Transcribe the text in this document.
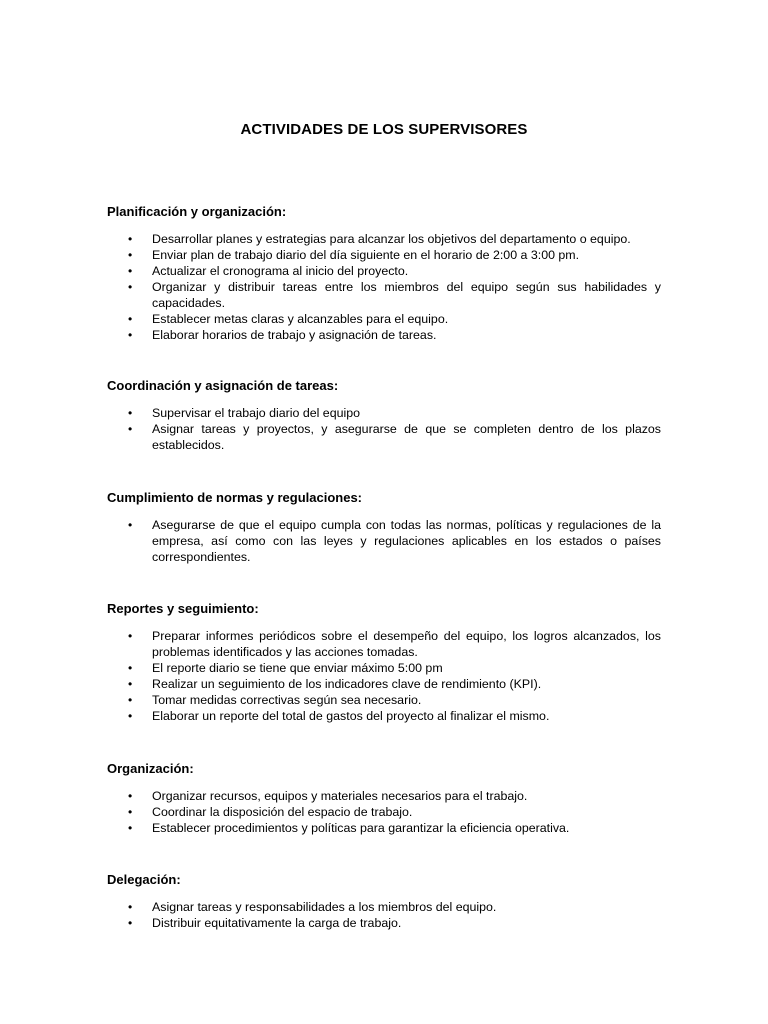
ACTIVIDADES DE LOS SUPERVISORES
Planificación y organización:
• Desarrollar planes y estrategias para alcanzar los objetivos del departamento o equipo.
• Enviar plan de trabajo diario del día siguiente en el horario de 2:00 a 3:00 pm.
• Actualizar el cronograma al inicio del proyecto.
• Organizar y distribuir tareas entre los miembros del equipo según sus habilidades y capacidades.
• Establecer metas claras y alcanzables para el equipo.
• Elaborar horarios de trabajo y asignación de tareas.
Coordinación y asignación de tareas:
• Supervisar el trabajo diario del equipo
• Asignar tareas y proyectos, y asegurarse de que se completen dentro de los plazos establecidos.
Cumplimiento de normas y regulaciones:
• Asegurarse de que el equipo cumpla con todas las normas, políticas y regulaciones de la empresa, así como con las leyes y regulaciones aplicables en los estados o países correspondientes.
Reportes y seguimiento:
• Preparar informes periódicos sobre el desempeño del equipo, los logros alcanzados, los problemas identificados y las acciones tomadas.
• El reporte diario se tiene que enviar máximo 5:00 pm
• Realizar un seguimiento de los indicadores clave de rendimiento (KPI).
• Tomar medidas correctivas según sea necesario.
• Elaborar un reporte del total de gastos del proyecto al finalizar el mismo.
Organización:
• Organizar recursos, equipos y materiales necesarios para el trabajo.
• Coordinar la disposición del espacio de trabajo.
• Establecer procedimientos y políticas para garantizar la eficiencia operativa.
Delegación:
• Asignar tareas y responsabilidades a los miembros del equipo.
• Distribuir equitativamente la carga de trabajo.
